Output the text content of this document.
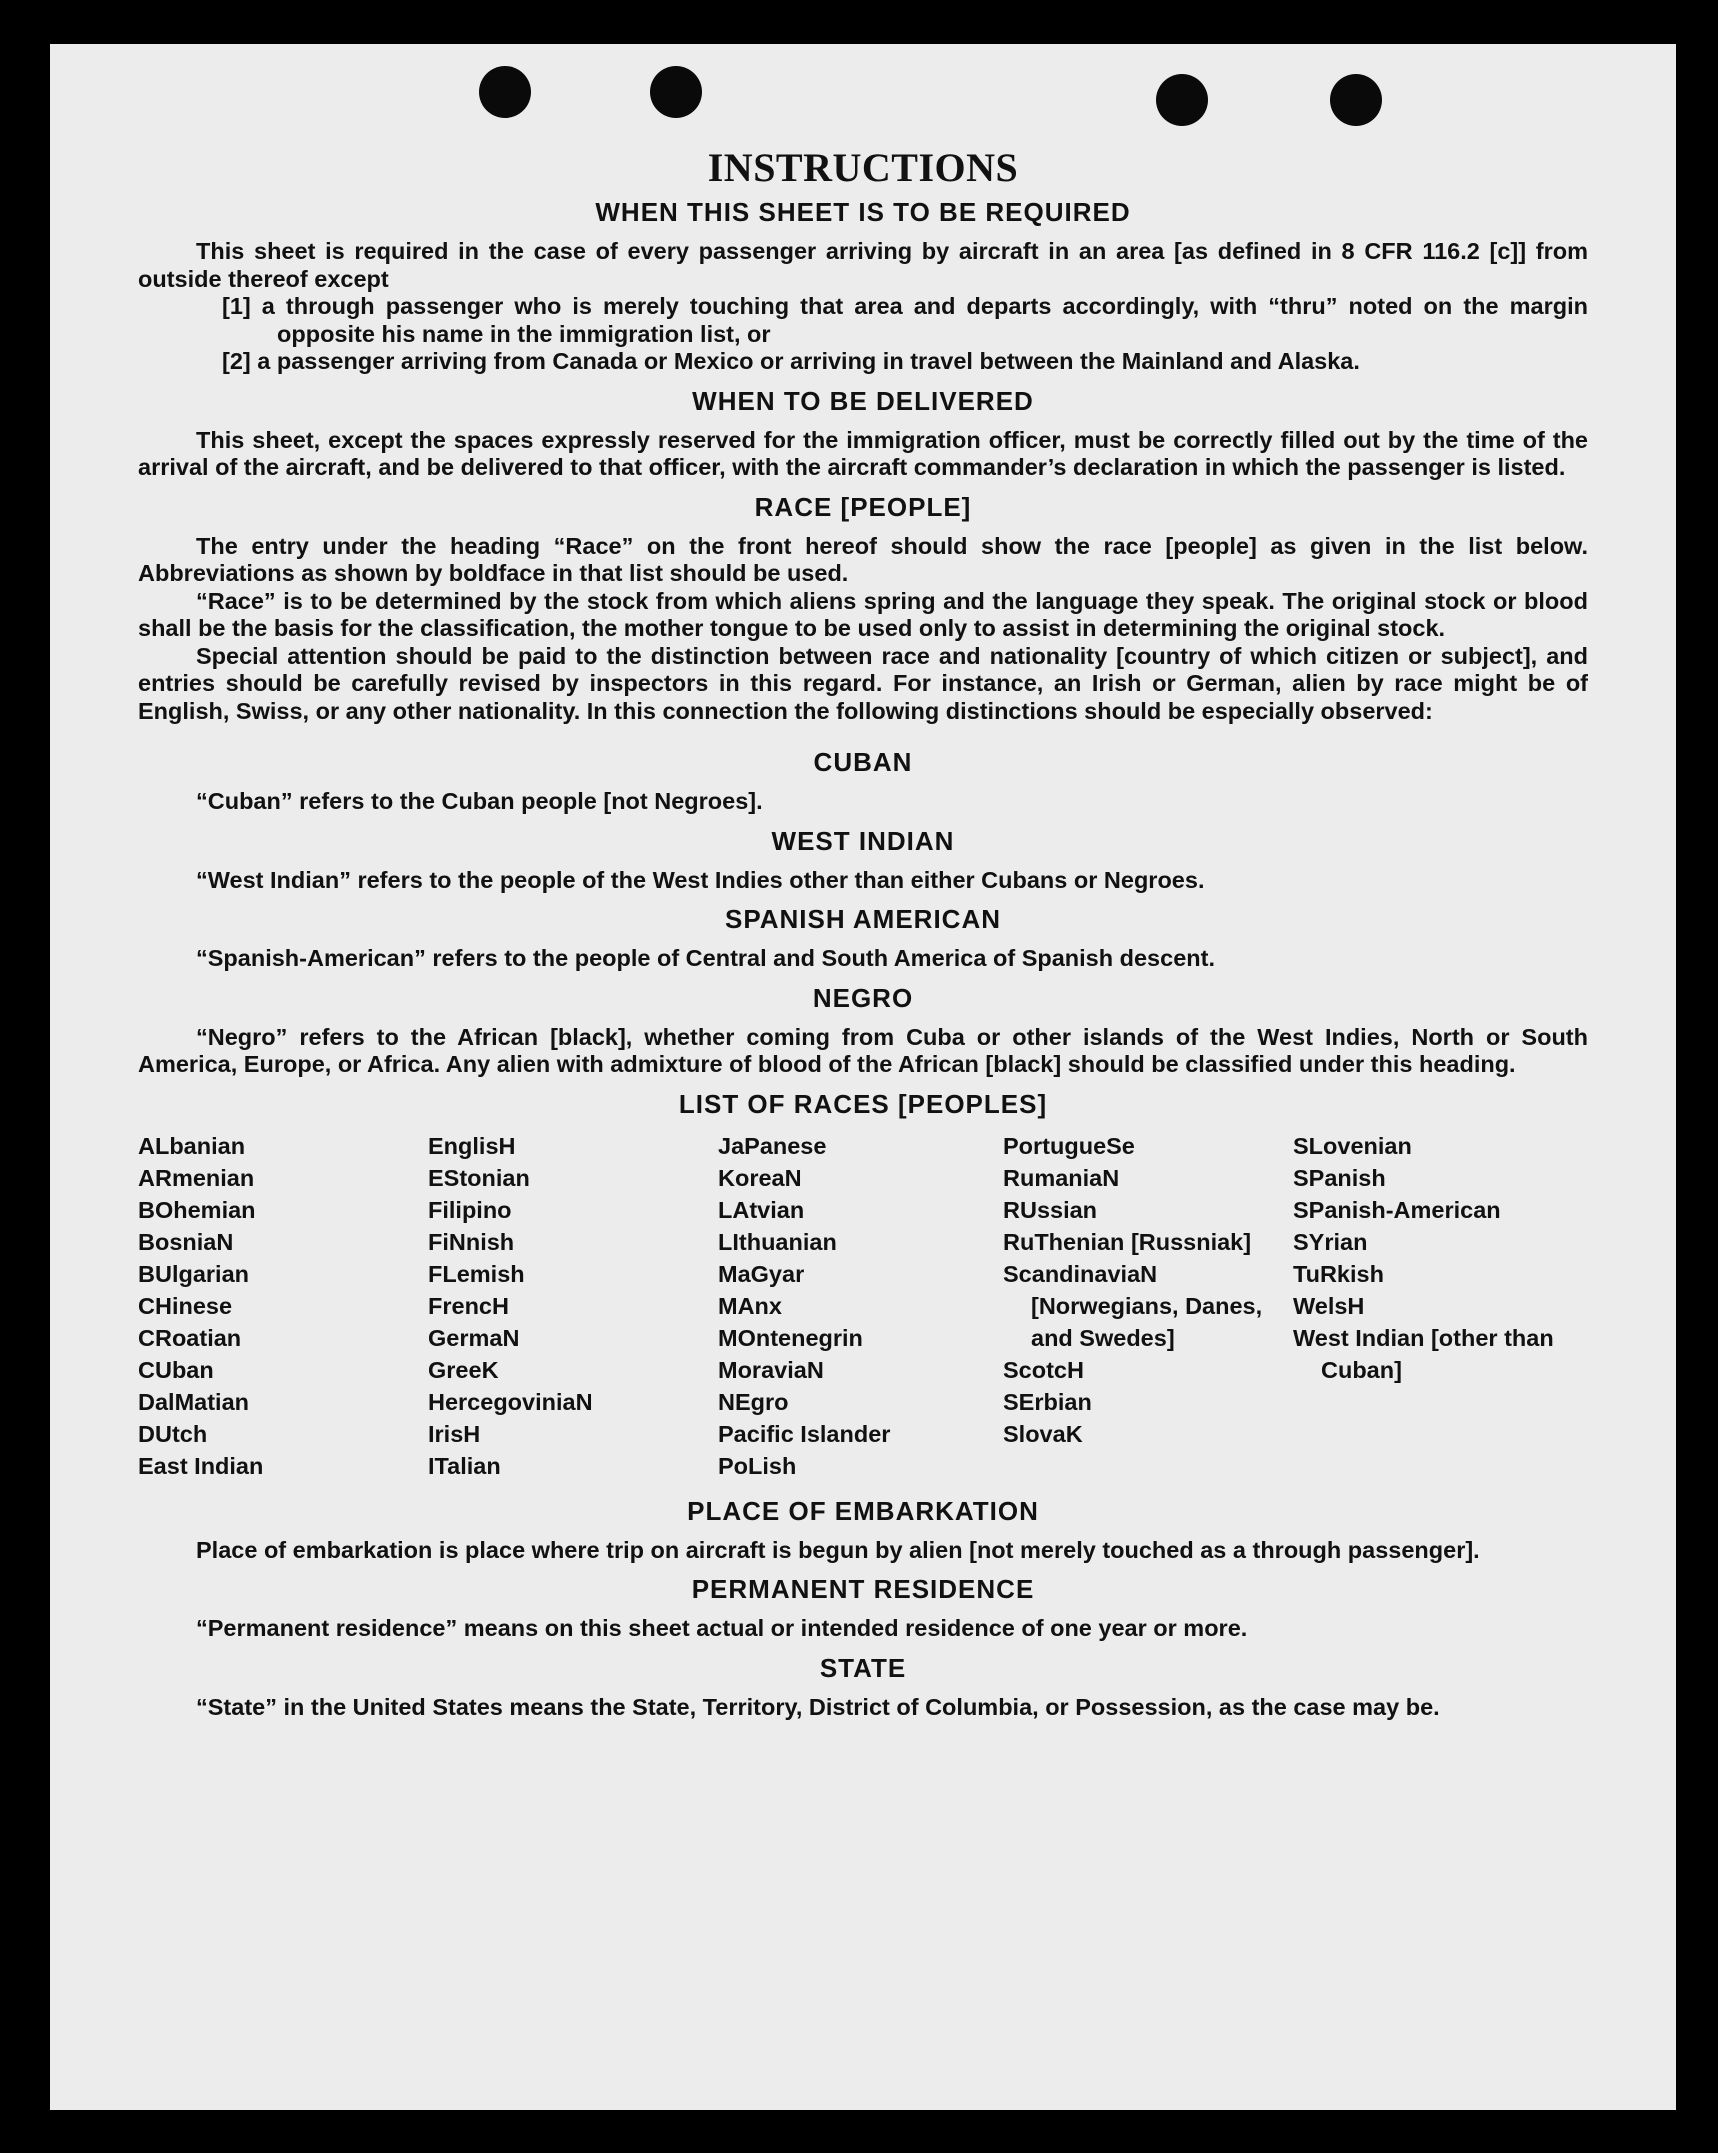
INSTRUCTIONS
WHEN THIS SHEET IS TO BE REQUIRED

This sheet is required in the case of every passenger arriving by aircraft in an area [as defined in 8 CFR 116.2 [c]] from outside thereof except

[1] a through passenger who is merely touching that area and departs accordingly, with “thru” noted on the margin opposite his name in the immigration list, or

[2] a passenger arriving from Canada or Mexico or arriving in travel between the Mainland and Alaska.

WHEN TO BE DELIVERED

This sheet, except the spaces expressly reserved for the immigration officer, must be correctly filled out by the time of the arrival of the aircraft, and be delivered to that officer, with the aircraft commander’s declaration in which the passenger is listed.

RACE [PEOPLE]

The entry under the heading “Race” on the front hereof should show the race [people] as given in the list below. Abbreviations as shown by boldface in that list should be used.

“Race” is to be determined by the stock from which aliens spring and the language they speak. The original stock or blood shall be the basis for the classification, the mother tongue to be used only to assist in determining the original stock.

Special attention should be paid to the distinction between race and nationality [country of which citizen or subject], and entries should be carefully revised by inspectors in this regard. For instance, an Irish or German, alien by race might be of English, Swiss, or any other nationality. In this connection the following distinctions should be especially observed:

CUBAN

“Cuban” refers to the Cuban people [not Negroes].

WEST INDIAN

“West Indian” refers to the people of the West Indies other than either Cubans or Negroes.

SPANISH AMERICAN

“Spanish-American” refers to the people of Central and South America of Spanish descent.

NEGRO

“Negro” refers to the African [black], whether coming from Cuba or other islands of the West Indies, North or South America, Europe, or Africa. Any alien with admixture of blood of the African [black] should be classified under this heading.

LIST OF RACES [PEOPLES]
ALbanian
ARmenian
BOhemian
BosniaN
BUlgarian
CHinese
CRoatian
CUban
DalMatian
DUtch
East Indian
EnglisH
EStonian
Filipino
FiNnish
FLemish
FrencH
GermaN
GreeK
HercegoviniaN
IrisH
ITalian
JaPanese
KoreaN
LAtvian
LIthuanian
MaGyar
MAnx
MOntenegrin
MoraviaN
NEgro
Pacific Islander
PoLish
PortugueSe
RumaniaN
RUssian
RuThenian [Russniak]
ScandinaviaN [Norwegians, Danes, and Swedes]
ScotcH
SErbian
SlovaK
SLovenian
SPanish
SPanish-American
SYrian
TuRkish
WelsH
West Indian [other than Cuban]
PLACE OF EMBARKATION

Place of embarkation is place where trip on aircraft is begun by alien [not merely touched as a through passenger].

PERMANENT RESIDENCE

“Permanent residence” means on this sheet actual or intended residence of one year or more.

STATE

“State” in the United States means the State, Territory, District of Columbia, or Possession, as the case may be.
